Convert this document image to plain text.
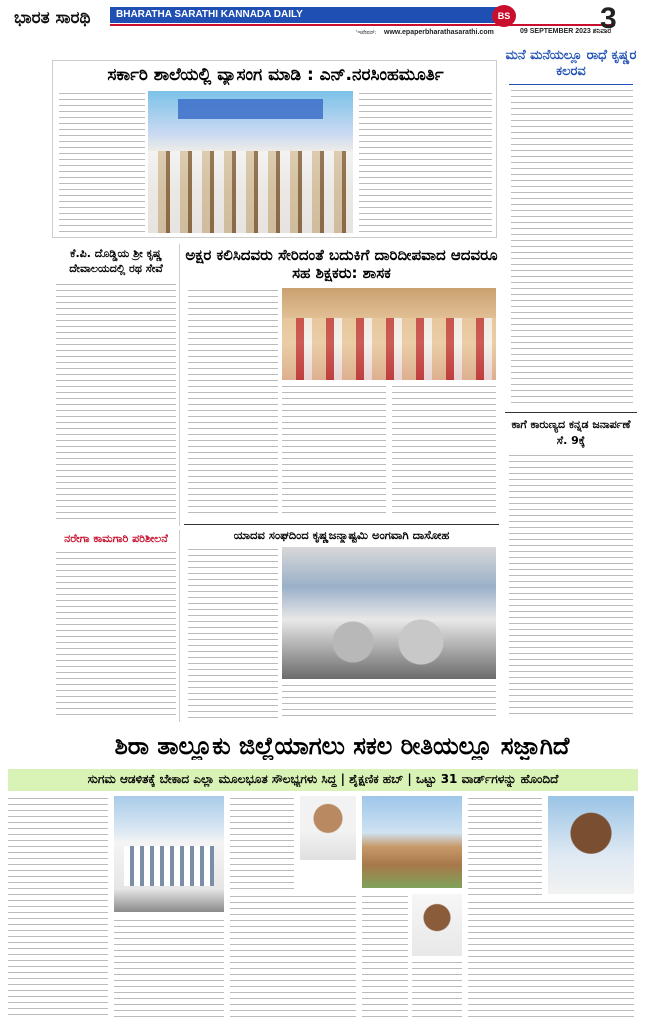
ಭಾರತ ಸಾರಥಿ	BHARATHA SARATHI KANNADA DAILY	BS
09 SEPTEMBER 2023 ಶನಿವಾರ
'ಇಪೇಪರ್: www.epaperbharathasarathi.com	3
ಸರ್ಕಾರಿ ಶಾಲೆಯಲ್ಲಿ ವ್ಯಾಸಂಗ ಮಾಡಿ : ಎನ್.ನರಸಿಂಹಮೂರ್ತಿ
ಮನೆ ಮನೆಯಲ್ಲೂ ರಾಧೆ ಕೃಷ್ಣರ ಕಲರವ
ಕೆ.ಪಿ. ದೊಡ್ಡಿಯ ಶ್ರೀ ಕೃಷ್ಣ ದೇವಾಲಯದಲ್ಲಿ ರಥ ಸೇವೆ
ನರೇಗಾ ಕಾಮಗಾರಿ ಪರಿಶೀಲನೆ
ಅಕ್ಷರ ಕಲಿಸಿದವರು ಸೇರಿದಂತೆ ಬದುಕಿಗೆ ದಾರಿದೀಪವಾದ ಆದವರೂ ಸಹ ಶಿಕ್ಷಕರು: ಶಾಸಕ
ಕಾಗೆ ಕಾರುಣ್ಯದ ಕನ್ನಡ ಜನಾರ್ಪಣೆ ಸೆ. 9ಕ್ಕೆ
ಯಾದವ ಸಂಘದಿಂದ ಕೃಷ್ಣಜನ್ಮಾಷ್ಟಮಿ ಅಂಗವಾಗಿ ದಾಸೋಹ
ಶಿರಾ ತಾಲ್ಲೂಕು ಜಿಲ್ಲೆಯಾಗಲು ಸಕಲ ರೀತಿಯಲ್ಲೂ ಸಜ್ಜಾಗಿದೆ
ಸುಗಮ ಆಡಳಿತಕ್ಕೆ ಬೇಕಾದ ಎಲ್ಲಾ ಮೂಲಭೂತ ಸೌಲಭ್ಯಗಳು ಸಿದ್ಧ | ಶೈಕ್ಷಣಿಕ ಹಬ್ | ಒಟ್ಟು 31 ವಾರ್ಡ್‌ಗಳನ್ನು ಹೊಂದಿದೆ
